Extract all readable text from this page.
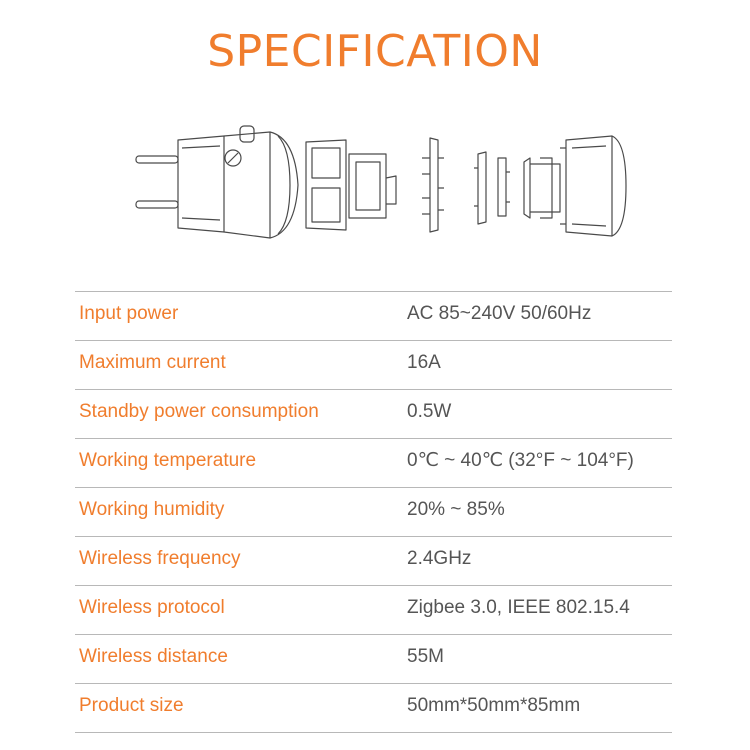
SPECIFICATION
Input power	AC 85~240V 50/60Hz
Maximum current	16A
Standby power consumption	0.5W
Working temperature	0℃ ~ 40℃ (32°F ~ 104°F)
Working humidity	20% ~ 85%
Wireless frequency	2.4GHz
Wireless protocol	Zigbee 3.0, IEEE 802.15.4
Wireless distance	55M
Product size	50mm*50mm*85mm
